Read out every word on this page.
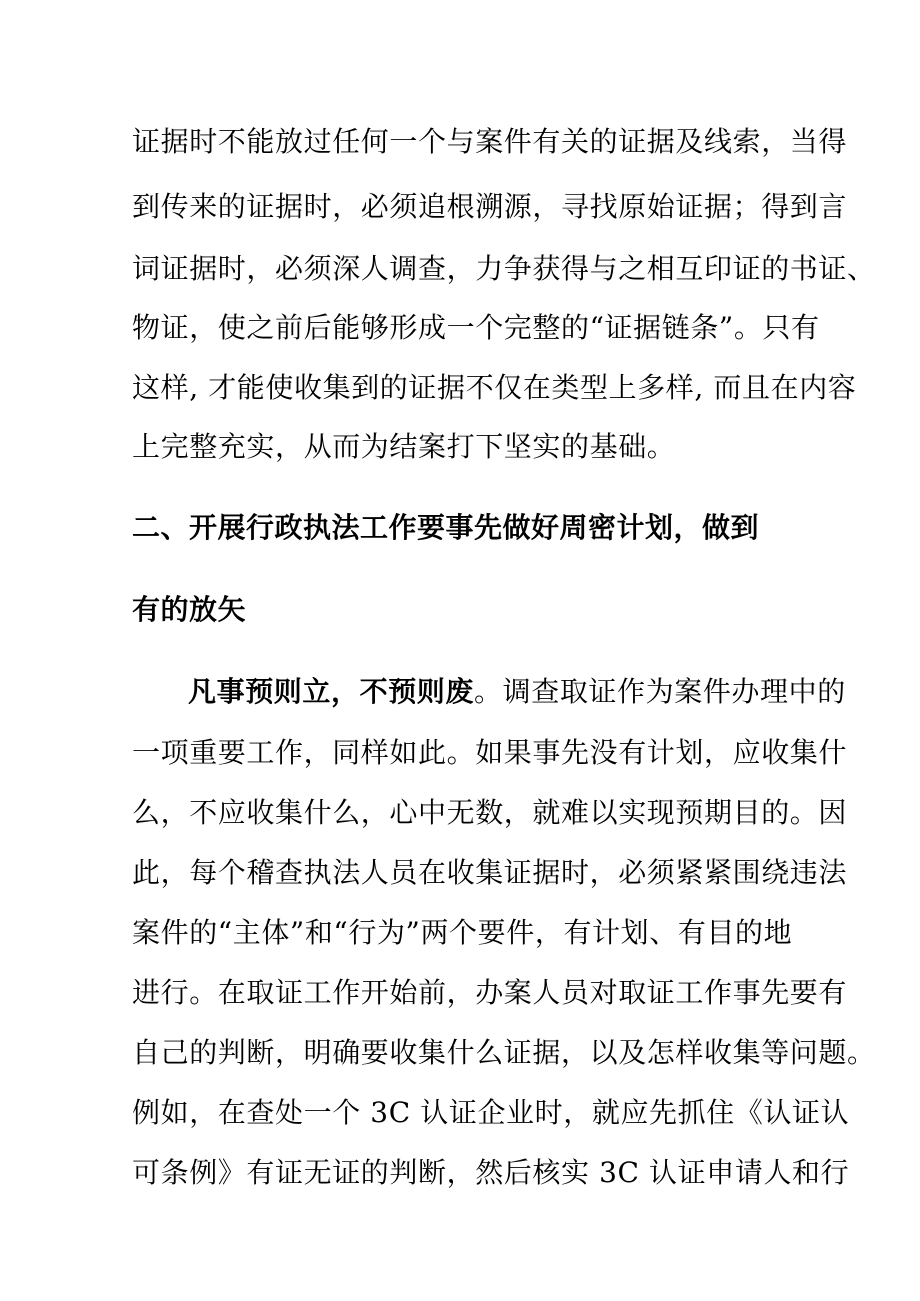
证据时不能放过任何一个与案件有关的证据及线索，当得
到传来的证据时，必须追根溯源，寻找原始证据；得到言
词证据时，必须深人调查，力争获得与之相互印证的书证、
物证，使之前后能够形成一个完整的“证据链条”。只有
这样, 才能使收集到的证据不仅在类型上多样, 而且在内容
上完整充实，从而为结案打下坚实的基础。
二、开展行政执法工作要事先做好周密计划，做到
有的放矢
凡事预则立，不预则废。调查取证作为案件办理中的
一项重要工作，同样如此。如果事先没有计划，应收集什
么，不应收集什么，心中无数，就难以实现预期目的。因
此，每个稽查执法人员在收集证据时，必须紧紧围绕违法
案件的“主体”和“行为”两个要件，有计划、有目的地
进行。在取证工作开始前，办案人员对取证工作事先要有
自己的判断，明确要收集什么证据，以及怎样收集等问题。
例如，在查处一个 3C 认证企业时，就应先抓住《认证认
可条例》有证无证的判断，然后核实 3C 认证申请人和行
